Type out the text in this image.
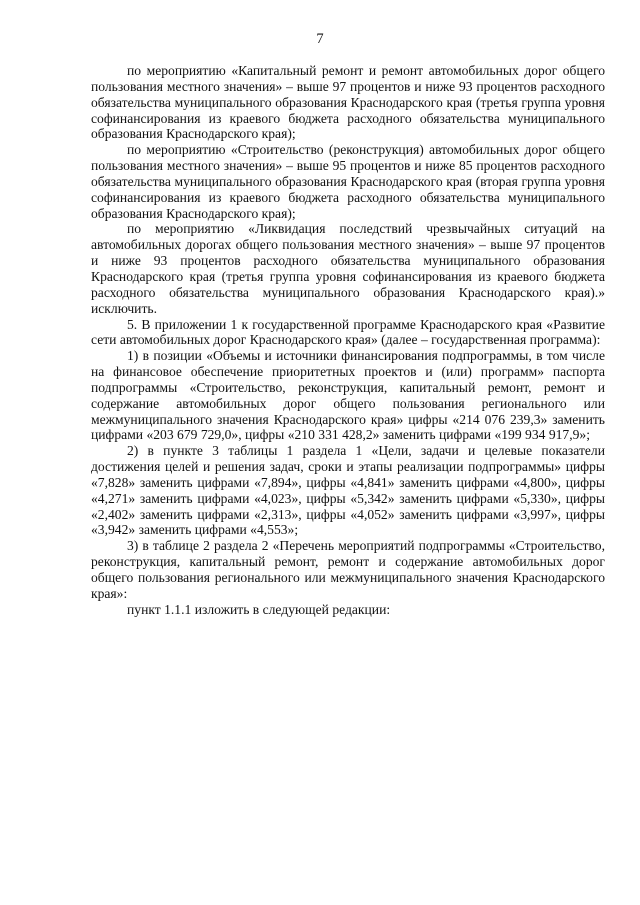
7

по мероприятию «Капитальный ремонт и ремонт автомобильных дорог общего пользования местного значения» – выше 97 процентов и ниже 93 процентов расходного обязательства муниципального образования Краснодарского края (третья группа уровня софинансирования из краевого бюджета расходного обязательства муниципального образования Краснодарского края);

по мероприятию «Строительство (реконструкция) автомобильных дорог общего пользования местного значения» – выше 95 процентов и ниже 85 процентов расходного обязательства муниципального образования Краснодарского края (вторая группа уровня софинансирования из краевого бюджета расходного обязательства муниципального образования Краснодарского края);

по мероприятию «Ликвидация последствий чрезвычайных ситуаций на автомобильных дорогах общего пользования местного значения» – выше 97 процентов и ниже 93 процентов расходного обязательства муниципального образования Краснодарского края (третья группа уровня софинансирования из краевого бюджета расходного обязательства муниципального образования Краснодарского края).» исключить.

5. В приложении 1 к государственной программе Краснодарского края «Развитие сети автомобильных дорог Краснодарского края» (далее – государственная программа):

1) в позиции «Объемы и источники финансирования подпрограммы, в том числе на финансовое обеспечение приоритетных проектов и (или) программ» паспорта подпрограммы «Строительство, реконструкция, капитальный ремонт, ремонт и содержание автомобильных дорог общего пользования регионального или межмуниципального значения Краснодарского края» цифры «214 076 239,3» заменить цифрами «203 679 729,0», цифры «210 331 428,2» заменить цифрами «199 934 917,9»;

2) в пункте 3 таблицы 1 раздела 1 «Цели, задачи и целевые показатели достижения целей и решения задач, сроки и этапы реализации подпрограммы» цифры «7,828» заменить цифрами «7,894», цифры «4,841» заменить цифрами «4,800», цифры «4,271» заменить цифрами «4,023», цифры «5,342» заменить цифрами «5,330», цифры «2,402» заменить цифрами «2,313», цифры «4,052» заменить цифрами «3,997», цифры «3,942» заменить цифрами «4,553»;

3) в таблице 2 раздела 2 «Перечень мероприятий подпрограммы «Строительство, реконструкция, капитальный ремонт, ремонт и содержание автомобильных дорог общего пользования регионального или межмуниципального значения Краснодарского края»:

пункт 1.1.1 изложить в следующей редакции:
